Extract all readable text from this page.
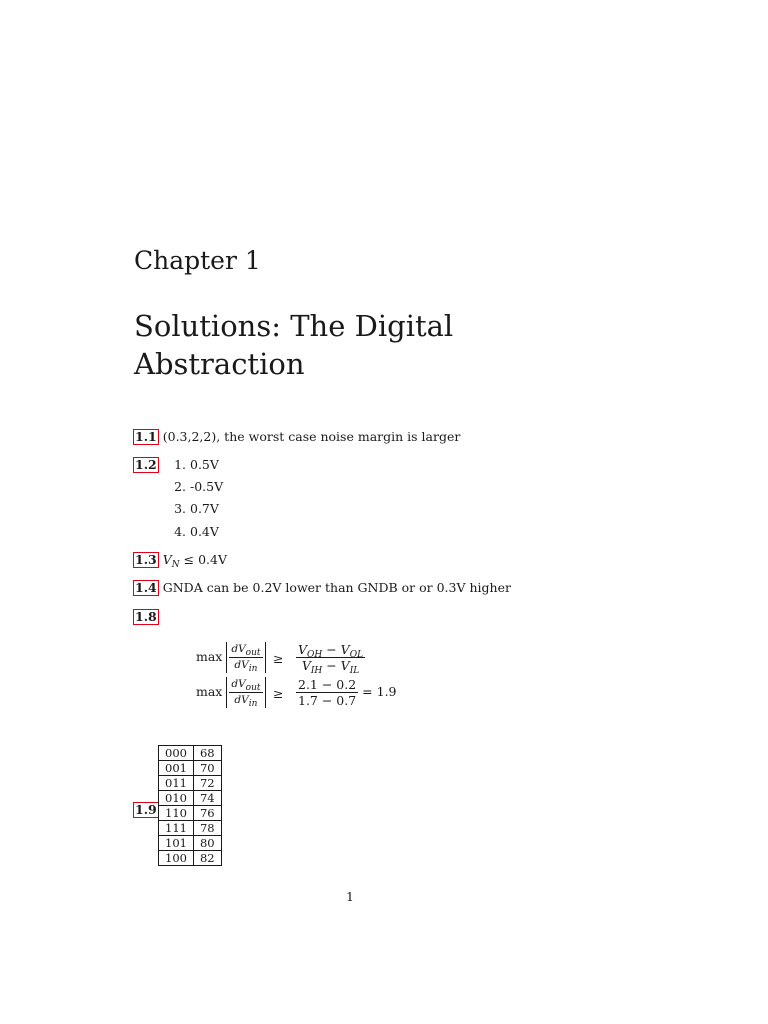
Chapter 1
Solutions: The Digital
Abstraction
1.1 (0.3,2,2), the worst case noise margin is larger
1.2	1. 0.5V
2. -0.5V
3. 0.7V
4. 0.4V
1.3 $V_N \le 0.4V$
1.4 GNDA can be 0.2V lower than GNDB or or 0.3V higher
1.8
$\max \frac{dV_{out}}{dV_{in}} \ge \frac{V_{OH} - V_{OL}}{V_{IH} - V_{IL}}$
$\max \frac{dV_{out}}{dV_{in}} \ge \frac{2.1 - 0.2}{1.7 - 0.7} = 1.9$
1.9
000	68
001	70
011	72
010	74
110	76
111	78
101	80
100	82
1
